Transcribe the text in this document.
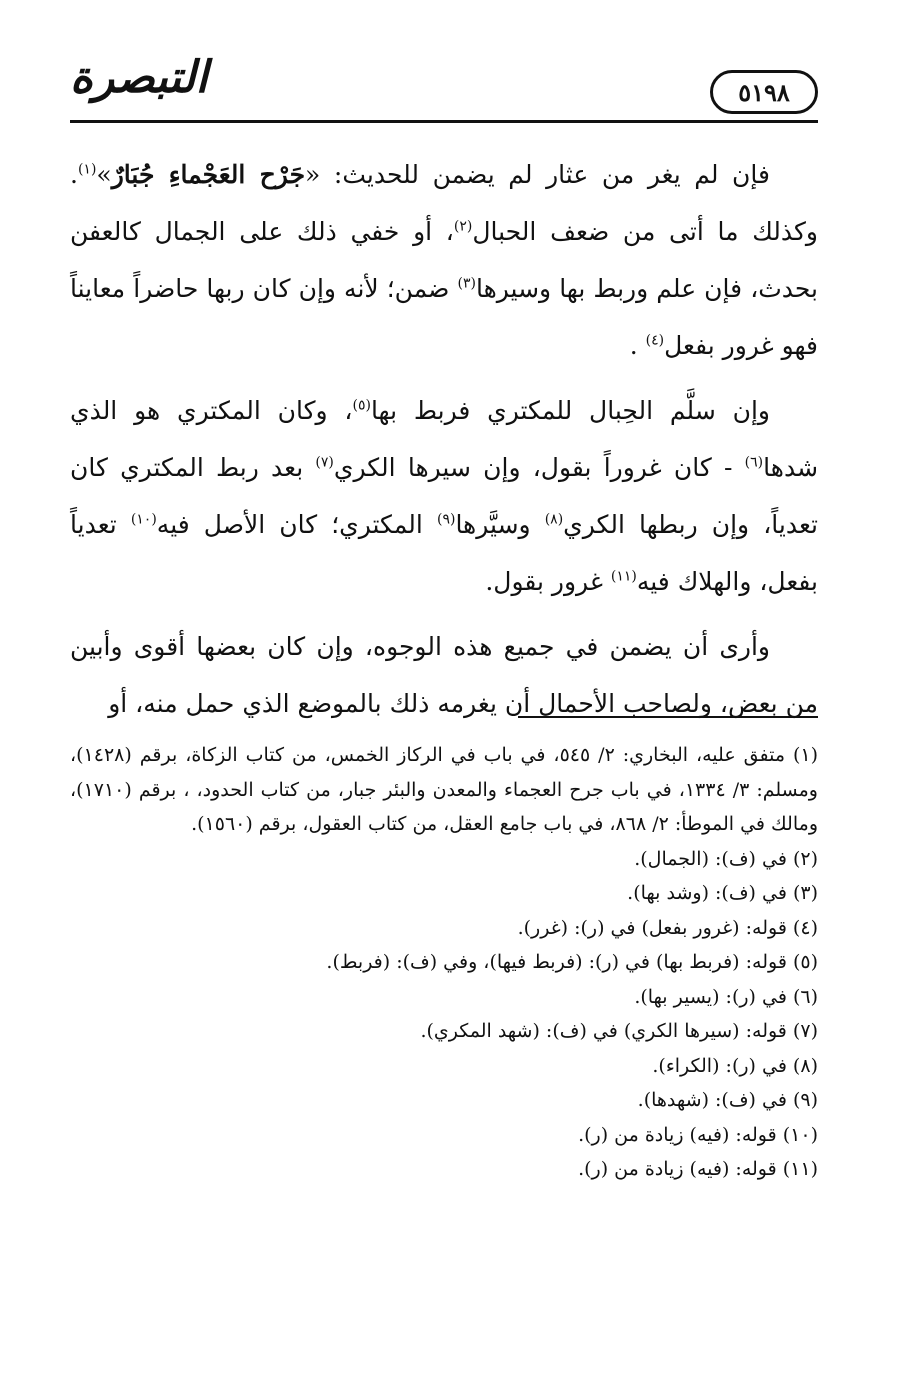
٥١٩٨
التبصرة

فإن لم يغر من عثار لم يضمن للحديث: «جَرْح العَجْماءِ جُبَارٌ»$^{(١)}$. وكذلك ما أتى من ضعف الحبال$^{(٢)}$، أو خفي ذلك على الجمال كالعفن بحدث، فإن علم وربط بها وسيرها$^{(٣)}$ ضمن؛ لأنه وإن كان ربها حاضراً معايناً فهو غرور بفعل$^{(٤)}$ .

وإن سلَّم الحِبال للمكتري فربط بها$^{(٥)}$، وكان المكتري هو الذي شدها$^{(٦)}$ - كان غروراً بقول، وإن سيرها الكري$^{(٧)}$ بعد ربط المكتري كان تعدياً، وإن ربطها الكري$^{(٨)}$ وسيَّرها$^{(٩)}$ المكتري؛ كان الأصل فيه$^{(١٠)}$ تعدياً بفعل، والهلاك فيه$^{(١١)}$ غرور بقول.

وأرى أن يضمن في جميع هذه الوجوه، وإن كان بعضها أقوى وأبين من بعض، ولصاحب الأحمال أن يغرمه ذلك بالموضع الذي حمل منه، أو

(١) متفق عليه، البخاري: ٢/ ٥٤٥، في باب في الركاز الخمس، من كتاب الزكاة، برقم (١٤٢٨)، ومسلم: ٣/ ١٣٣٤، في باب جرح العجماء والمعدن والبئر جبار، من كتاب الحدود، ، برقم (١٧١٠)، ومالك في الموطأ: ٢/ ٨٦٨، في باب جامع العقل، من كتاب العقول، برقم (١٥٦٠).
(٢) في (ف): (الجمال).
(٣) في (ف): (وشد بها).
(٤) قوله: (غرور بفعل) في (ر): (غرر).
(٥) قوله: (فربط بها) في (ر): (فربط فيها)، وفي (ف): (فربط).
(٦) في (ر): (يسير بها).
(٧) قوله: (سيرها الكري) في (ف): (شهد المكري).
(٨) في (ر): (الكراء).
(٩) في (ف): (شهدها).
(١٠) قوله: (فيه) زيادة من (ر).
(١١) قوله: (فيه) زيادة من (ر).
